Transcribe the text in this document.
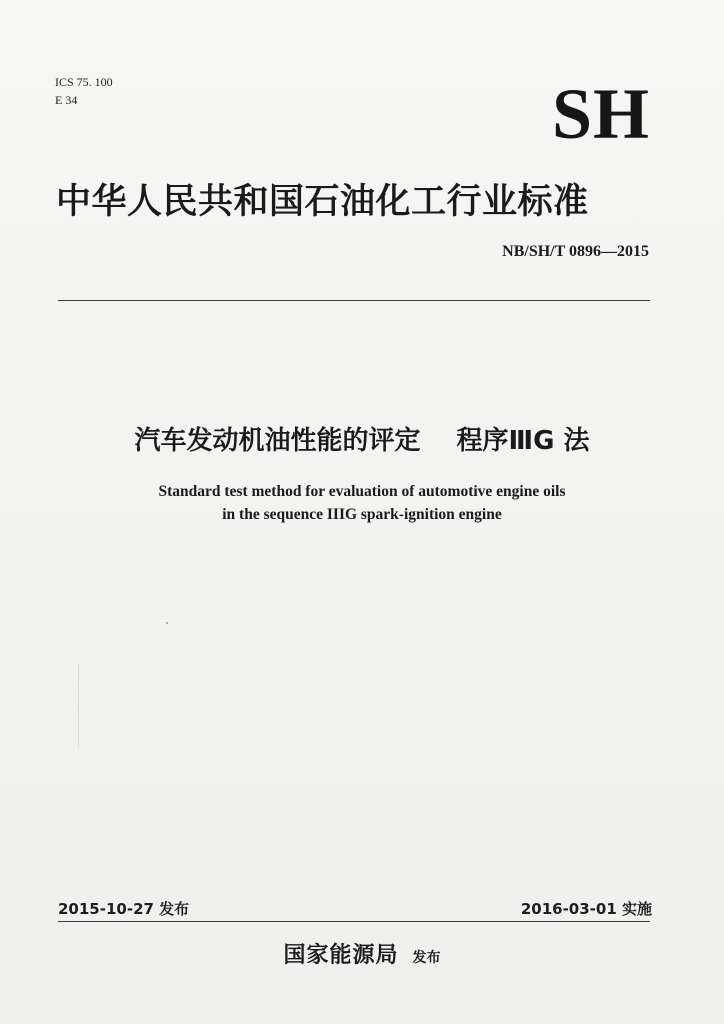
ICS 75. 100
E 34	SH
中华人民共和国石油化工行业标准
NB/SH/T 0896—2015
汽车发动机油性能的评定 程序ⅢG 法
Standard test method for evaluation of automotive engine oils
in the sequence IIIG spark-ignition engine
2015-10-27 发布	2016-03-01 实施
国家能源局 发布
